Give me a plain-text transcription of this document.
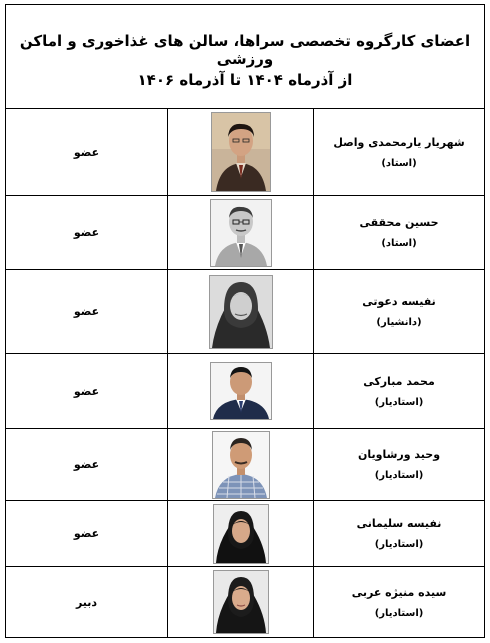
اعضای کارگروه تخصصی سراها، سالن های غذاخوری و اماکن ورزشی
از آذرماه ۱۴۰۴ تا آذرماه ۱۴۰۶
عضو
شهریار یارمحمدی واصل
(استاد)
عضو
حسین محققی
(استاد)
عضو
نفیسه دعوتی
(دانشیار)
عضو
محمد مبارکی
(استادیار)
عضو
وحید ورشاویان
(استادیار)
عضو
نفیسه سلیمانی
(استادیار)
دبیر
سیده منیژه عربی
(استادیار)
